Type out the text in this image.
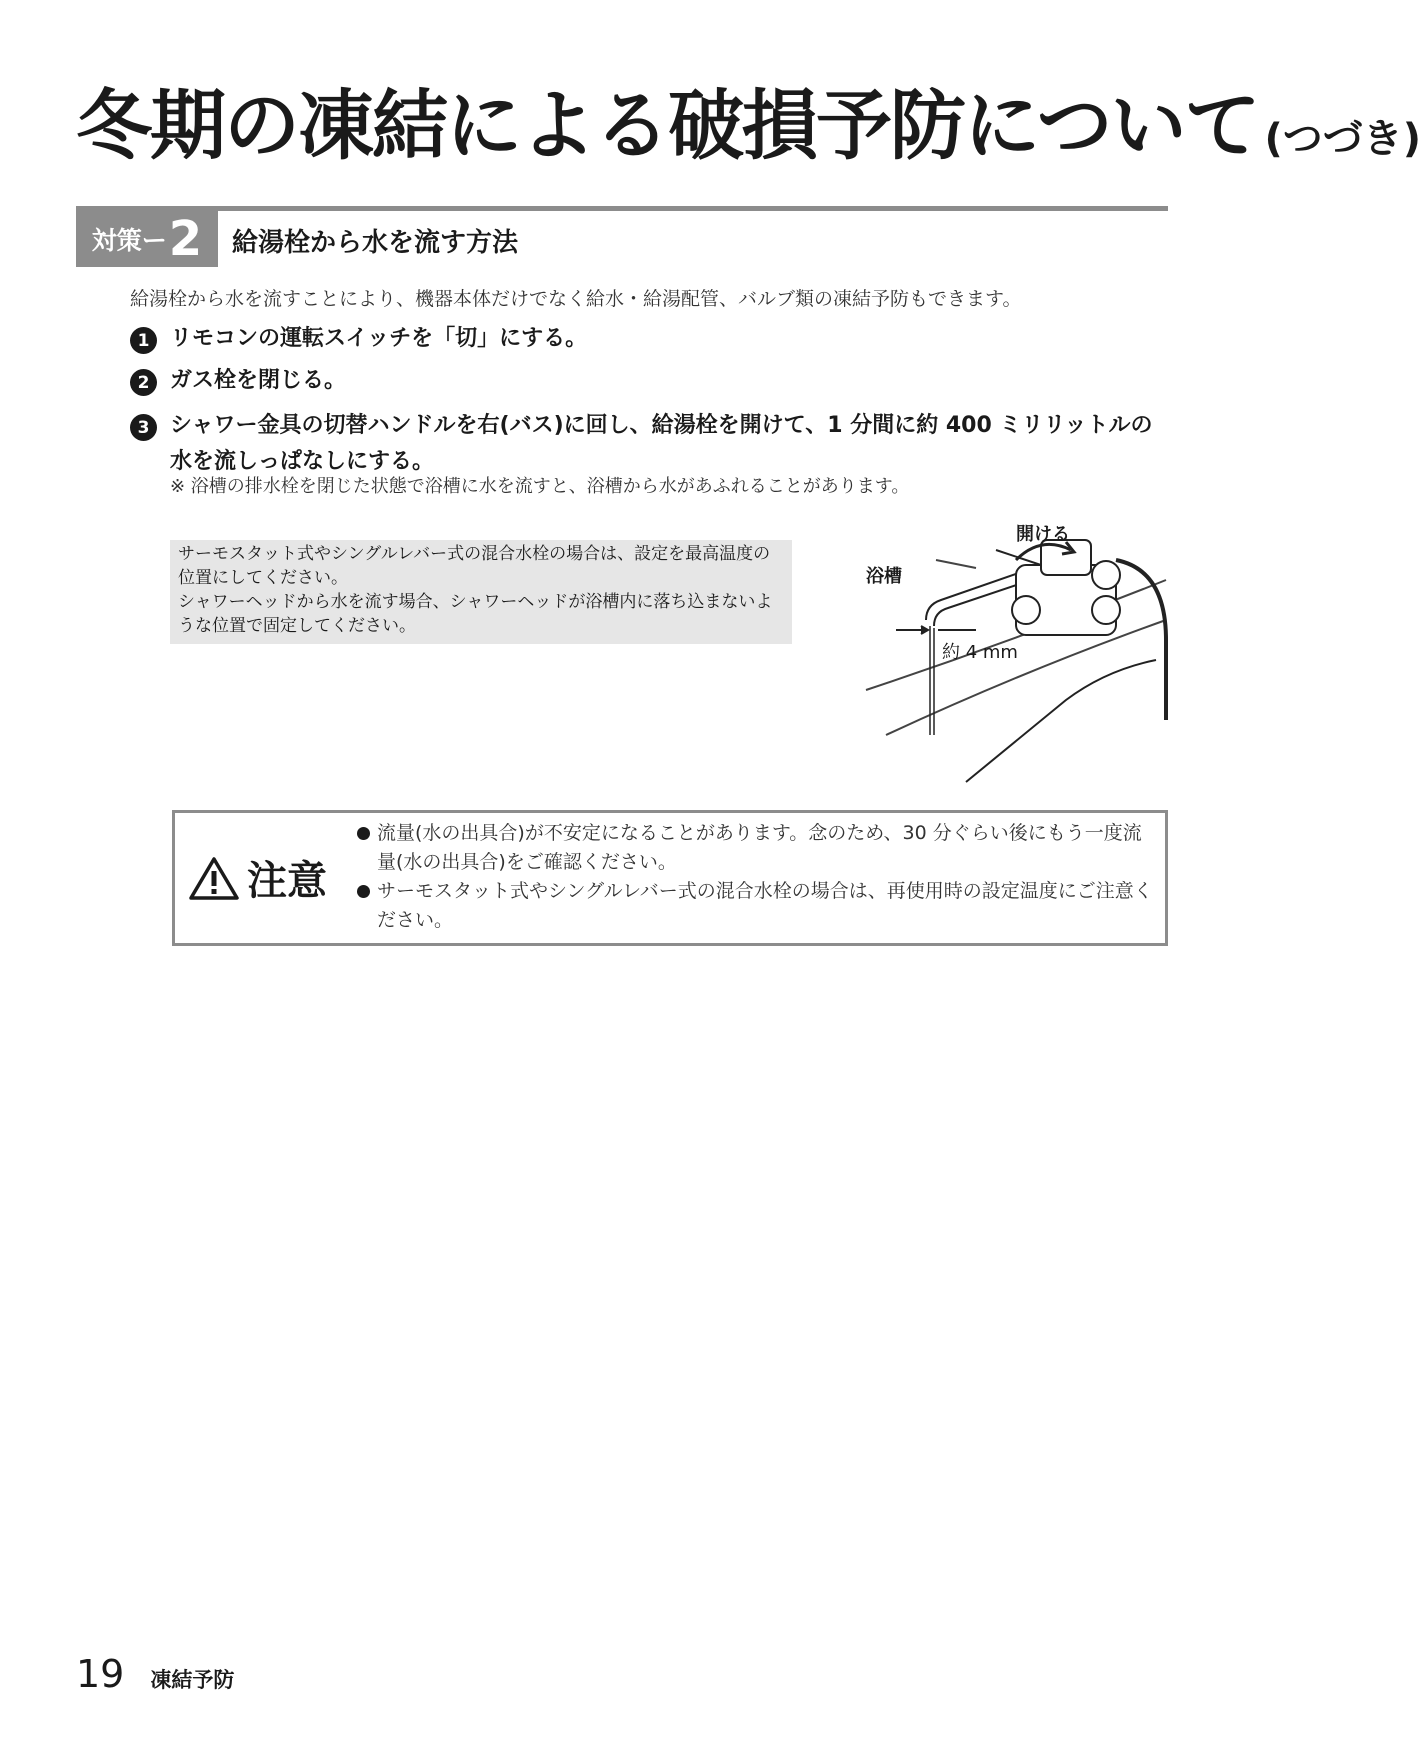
冬期の凍結による破損予防について (つづき)
対策ー 2 給湯栓から水を流す方法
給湯栓から水を流すことにより、機器本体だけでなく給水・給湯配管、バルブ類の凍結予防もできます。
1 リモコンの運転スイッチを「切」にする。
2 ガス栓を閉じる。
3 シャワー金具の切替ハンドルを右(バス)に回し、給湯栓を開けて、1 分間に約 400 ミリリットルの水を流しっぱなしにする。
※ 浴槽の排水栓を閉じた状態で浴槽に水を流すと、浴槽から水があふれることがあります。

サーモスタット式やシングルレバー式の混合水栓の場合は、設定を最高温度の位置にしてください。

シャワーヘッドから水を流す場合、シャワーヘッドが浴槽内に落ち込まないような位置で固定してください。

開ける
浴槽
約 4 mm
注意
流量(水の出具合)が不安定になることがあります。念のため、30 分ぐらい後にもう一度流量(水の出具合)をご確認ください。
サーモスタット式やシングルレバー式の混合水栓の場合は、再使用時の設定温度にご注意ください。
19 凍結予防
